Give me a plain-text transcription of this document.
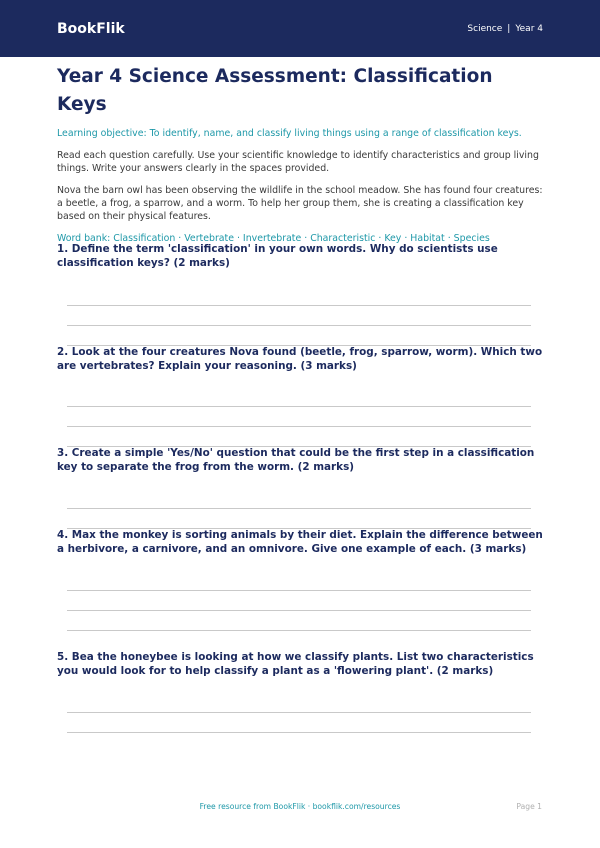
BookFlik	Science | Year 4
Year 4 Science Assessment: Classification Keys

Learning objective: To identify, name, and classify living things using a range of classification keys.

Read each question carefully. Use your scientific knowledge to identify characteristics and group living things. Write your answers clearly in the spaces provided.

Nova the barn owl has been observing the wildlife in the school meadow. She has found four creatures: a beetle, a frog, a sparrow, and a worm. To help her group them, she is creating a classification key based on their physical features.

Word bank: Classification · Vertebrate · Invertebrate · Characteristic · Key · Habitat · Species

1. Define the term 'classification' in your own words. Why do scientists use classification keys? (2 marks)

2. Look at the four creatures Nova found (beetle, frog, sparrow, worm). Which two are vertebrates? Explain your reasoning. (3 marks)

3. Create a simple 'Yes/No' question that could be the first step in a classification key to separate the frog from the worm. (2 marks)

4. Max the monkey is sorting animals by their diet. Explain the difference between a herbivore, a carnivore, and an omnivore. Give one example of each. (3 marks)

5. Bea the honeybee is looking at how we classify plants. List two characteristics you would look for to help classify a plant as a 'flowering plant'. (2 marks)

Free resource from BookFlik · bookflik.com/resources	Page 1
